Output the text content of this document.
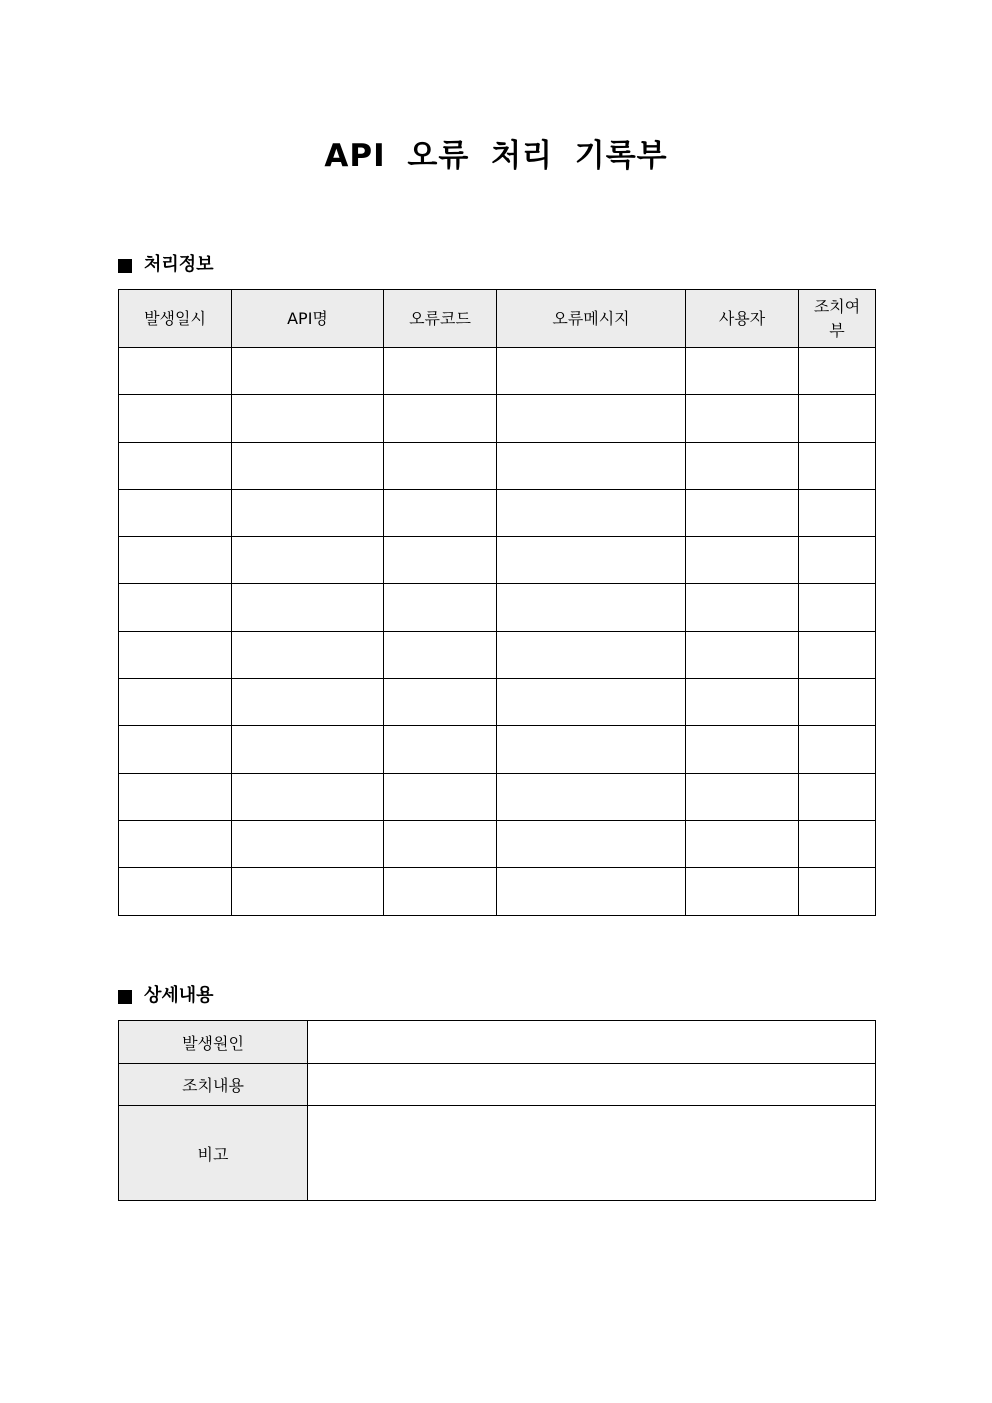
API 오류 처리 기록부
처리정보
발생일시	API명	오류코드	오류메시지	사용자	조치여부

상세내용
발생원인	
조치내용	
비고	
